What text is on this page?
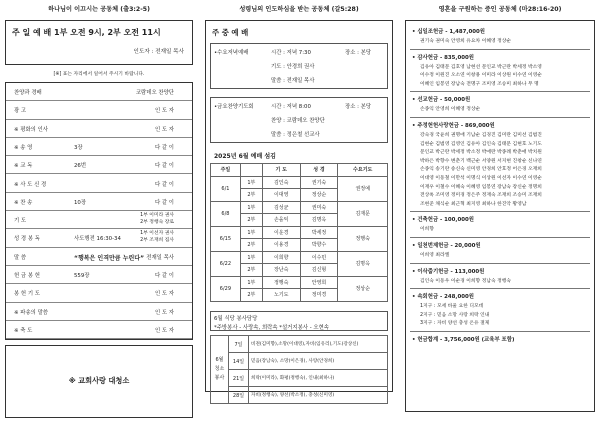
하나님이 이끄시는 공동체 (출3:2-5)	성령님의 인도하심을 받는 공동체 (갈5:28)	영혼을 구원하는 증인 공동체 (마28:16-20)
주 일 예 배 1부 오전 9시, 2부 오전 11시
인도자 : 전재일 목사
[※] 표는 자리에서 일어서 주시기 바랍니다.
찬양과 경배	코람데오 찬양단
광 고	인 도 자
※ 평화의 인사	인 도 자
※ 송 영	3장	다 같 이
※ 교 독	26번	다 같 이
※ 사 도 신 경	다 같 이
※ 찬 송	10장	다 같 이
기 도
1부 이미라 권사
2부 정행숙 장로
성 경 봉 독	사도행전 16:30-34
1부 이선자 권사
2부 조재희 집사
말 씀	“행복은 인격만큼 누린다” 전재일 목사
헌 금 봉 헌	559장	다 같 이
봉 헌 기 도	인 도 자
※ 파송의 말씀	인 도 자
※ 축 도	인 도 자
※ 교회사랑 대청소
주 중 예 배
•수요저녁예배	시간 : 저녁 7:30	장소 : 본당
기도 : 안경희 권사
말씀 : 전재일 목사
•금요찬양기도회	시간 : 저녁 8:00	장소 : 본당
찬양 : 코람데오 찬양단
말씀 : 정은철 선교사
2025년 6월 예배 섬김
주일		기 도	성 경	수요기도
6/1	1부	김인숙	권기숙	권정예
	2부	이대영	정상순	
6/8	1부	김성균	권미숙	김재문
	2부	손을익	김명옥	
6/15	1부	이운경	박세정	정행숙
	2부	이용경	박향수	
6/22	1부	이희향	이수민	김명옥
	2부	장난숙	김신형	
6/29	1부	정행숙	안영희	정상순
	2부	노기도	정미경	
6월 식당 봉사담당
*주방봉사 - 사랑속, 희락속 *설거지봉사 - 오현속
6월
청소
봉사	7일	비젼(김미향),소망(이대영),자비(임유리),기도(강상신)
	14일	믿음(장남숙), 소망(이은경), 사랑(안경희)
	21일	희락(이미라), 화평(정행숙), 인내(최하나)
	28일	자비(정행숙), 양선(박소정), 충성(신미영)
• 십일조헌금 - 1,487,000원
권기숙 권미숙 안영희 유요차 이혜영 정상순
• 감사헌금 - 835,000원
김유아 김태문 김호영 남현선 문인교 박근란 박세정 박소영
이수정 이원진 오소연 이창용 이미라 이상원 이수연 이영순
이혜인 임봉연 장남숙 전명구 조미영 조승미 최하나 무 명
• 선교헌금 - 50,000원
손종익 안영희 이혜영 정상순
• 주정헌헌사랑헌금 - 869,000원
강숙경 국윤희 권명애 기남순 김경진 김미란 김미선 김범진
김현순 김범영 김영인 김유아 김인숙 김태문 김현호 노기도
문인교 박근란 박세정 박소정 박애란 박종례 박춘애 박치원
박하은 박향수 변춘기 백근순 서양원 서지현 진창순 신나연
손종익 송기란 송신숙 신미영 안경희 안호정 어은경 오재희
이대영 이동철 이만석 이명식 이상원 이선자 이수연 이영순
이재우 이철수 이혜숙 이혜영 임봉연 장남숙 장신순 정명희
전상옥 조미영 정미경 정은주 정재숙 조재희 조승미 조재희
조현준 채식순 최근혁 최지영 최하나 한진악 황영남
• 건축헌금 - 100,000원
이희향
• 일천번제헌금 - 20,000원
이희영 최라엘
• 이삭줍기헌금 - 113,000원
김인숙 이동우 이순경 이희향 정남숙 정행숙
• 속회헌금 - 248,000원
1지구 : 모세 바울 요한 디모데
2지구 : 믿음 소망 사랑 희락 인내
3지구 : 자비 양선 충성 온유 절제
• 헌금합계 - 3,756,000원 (교육부 포함)
